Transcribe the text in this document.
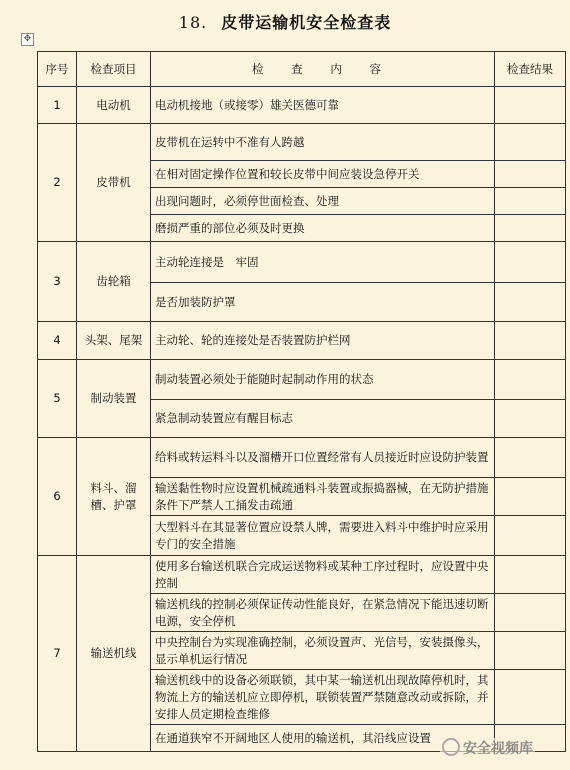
18. 皮带运输机安全检查表
✥
序号	检查项目	检 查 内 容	检查结果
1	电动机	电动机接地（或接零）雄关医德可靠	
2	皮带机	皮带机在运转中不准有人跨越	
		在相对固定操作位置和较长皮带中间应装设急停开关	
		出现问题时，必须停世面检查、处理	
		磨损严重的部位必须及时更换	
3	齿轮箱	主动轮连接是　牢固	
		是否加装防护罩	
4	头架、尾架	主动轮、轮的连接处是否装置防护栏网	
5	制动装置	制动装置必须处于能随时起制动作用的状态	
		紧急制动装置应有醒目标志	
6	料斗、溜槽、护罩	给料或转运料斗以及溜槽开口位置经常有人员接近时应设防护装置	
		输送黏性物时应设置机械疏通料斗装置或振捣器械，在无防护措施条件下严禁人工捅发击疏通	
		大型料斗在其显著位置应设禁人牌，需要进入料斗中维护时应采用专门的安全措施	
7	输送机线	使用多台输送机联合完成运送物料或某种工序过程时，应设置中央控制	
		输送机线的控制必须保证传动性能良好，在紧急情况下能迅速切断电源，安全停机	
		中央控制台为实现准确控制，必须设置声、光信号，安装摄像头，显示单机运行情况	
		输送机线中的设备必须联锁，其中某一输送机出现故障停机时，其物流上方的输送机应立即停机，联锁装置严禁随意改动或拆除，并安排人员定期检查维修	
		在通道狭窄不开阔地区人使用的输送机，其沿线应设置	
安全视频库
